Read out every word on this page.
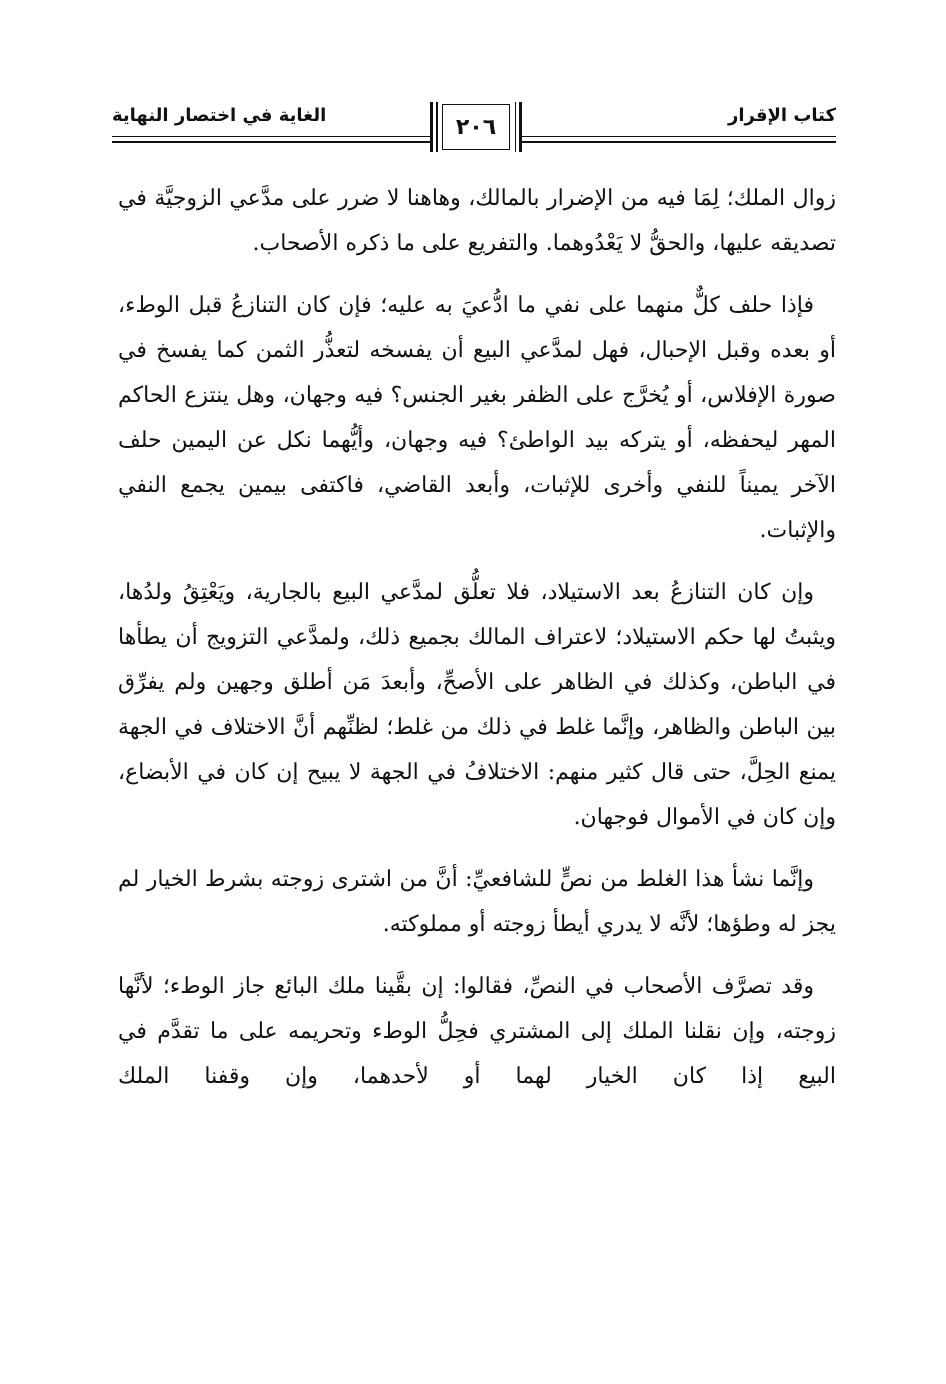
كتاب الإقرار
الغاية في اختصار النهاية	٢٠٦

زوال الملك؛ لِمَا فيه من الإضرار بالمالك، وهاهنا لا ضرر على مدَّعي الزوجيَّة في تصديقه عليها، والحقُّ لا يَعْدُوهما. والتفريع على ما ذكره الأصحاب.

فإذا حلف كلٌّ منهما على نفي ما ادُّعيَ به عليه؛ فإن كان التنازعُ قبل الوطء، أو بعده وقبل الإحبال، فهل لمدَّعي البيع أن يفسخه لتعذُّر الثمن كما يفسخ في صورة الإفلاس، أو يُخرَّج على الظفر بغير الجنس؟ فيه وجهان، وهل ينتزع الحاكم المهر ليحفظه، أو يتركه بيد الواطئ؟ فيه وجهان، وأيُّهما نكل عن اليمين حلف الآخر يميناً للنفي وأخرى للإثبات، وأبعد القاضي، فاكتفى بيمين يجمع النفي والإثبات.

وإن كان التنازعُ بعد الاستيلاد، فلا تعلُّق لمدَّعي البيع بالجارية، ويَعْتِقُ ولدُها، ويثبتُ لها حكم الاستيلاد؛ لاعتراف المالك بجميع ذلك، ولمدَّعي التزويج أن يطأها في الباطن، وكذلك في الظاهر على الأصحِّ، وأبعدَ مَن أطلق وجهين ولم يفرِّق بين الباطن والظاهر، وإنَّما غلط في ذلك من غلط؛ لظنِّهم أنَّ الاختلاف في الجهة يمنع الحِلَّ، حتى قال كثير منهم: الاختلافُ في الجهة لا يبيح إن كان في الأبضاع، وإن كان في الأموال فوجهان.

وإنَّما نشأ هذا الغلط من نصٍّ للشافعيِّ: أنَّ من اشترى زوجته بشرط الخيار لم يجز له وطؤها؛ لأنَّه لا يدري أيطأ زوجته أو مملوكته.

وقد تصرَّف الأصحاب في النصِّ، فقالوا: إن بقَّينا ملك البائع جاز الوطء؛ لأنَّها زوجته، وإن نقلنا الملك إلى المشتري فحِلُّ الوطء وتحريمه على ما تقدَّم في البيع إذا كان الخيار لهما أو لأحدهما، وإن وقفنا الملك
